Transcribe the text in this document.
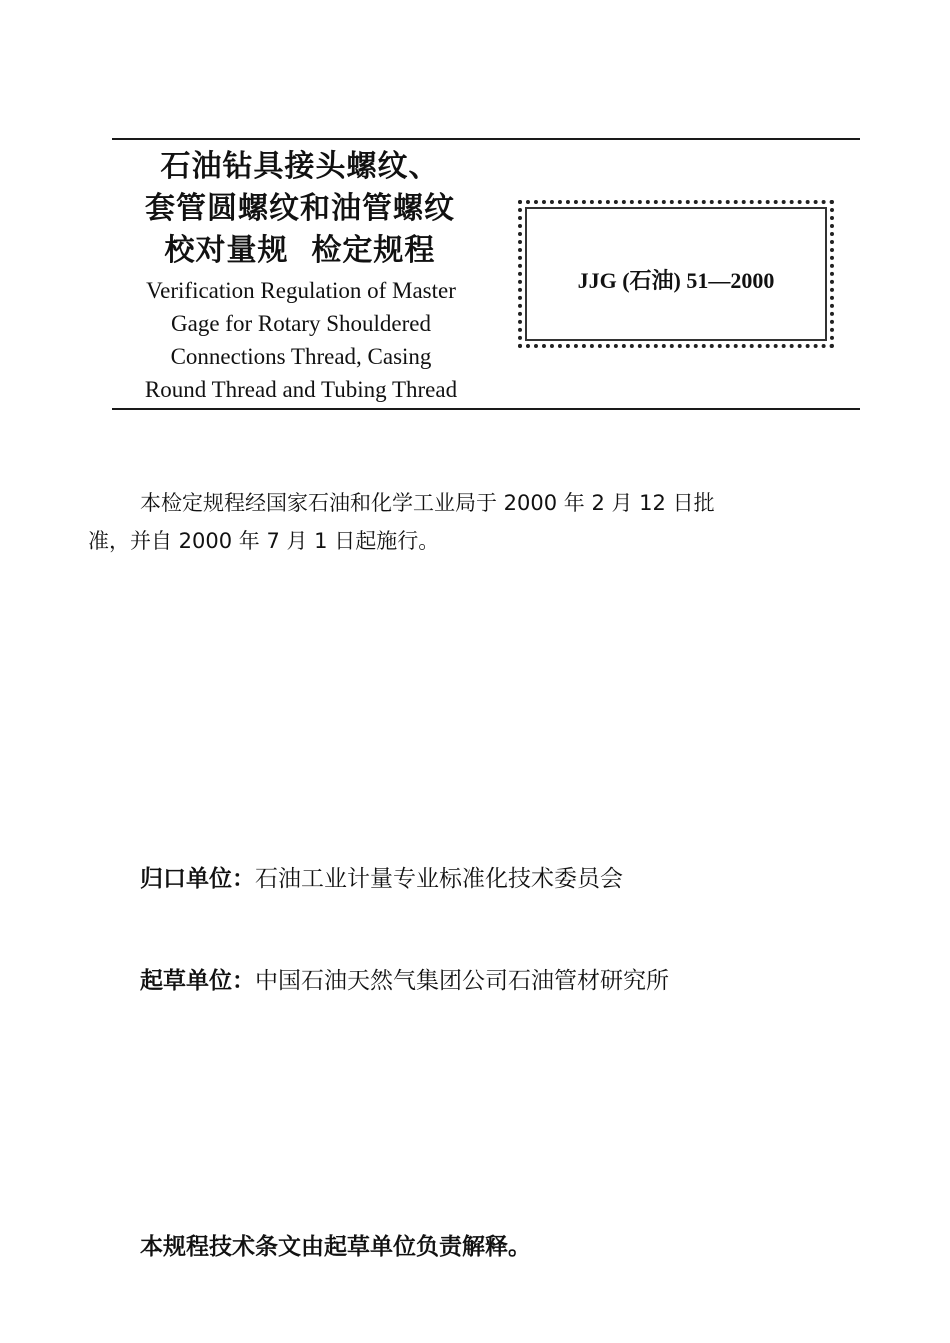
石油钻具接头螺纹、
套管圆螺纹和油管螺纹
校对量规  检定规程
Verification Regulation of Master
Gage for Rotary Shouldered
Connections Thread, Casing
Round Thread and Tubing Thread
JJG (石油) 51—2000
本检定规程经国家石油和化学工业局于 2000 年 2 月 12 日批
准，并自 2000 年 7 月 1 日起施行。
归口单位：石油工业计量专业标准化技术委员会
起草单位：中国石油天然气集团公司石油管材研究所
本规程技术条文由起草单位负责解释。
